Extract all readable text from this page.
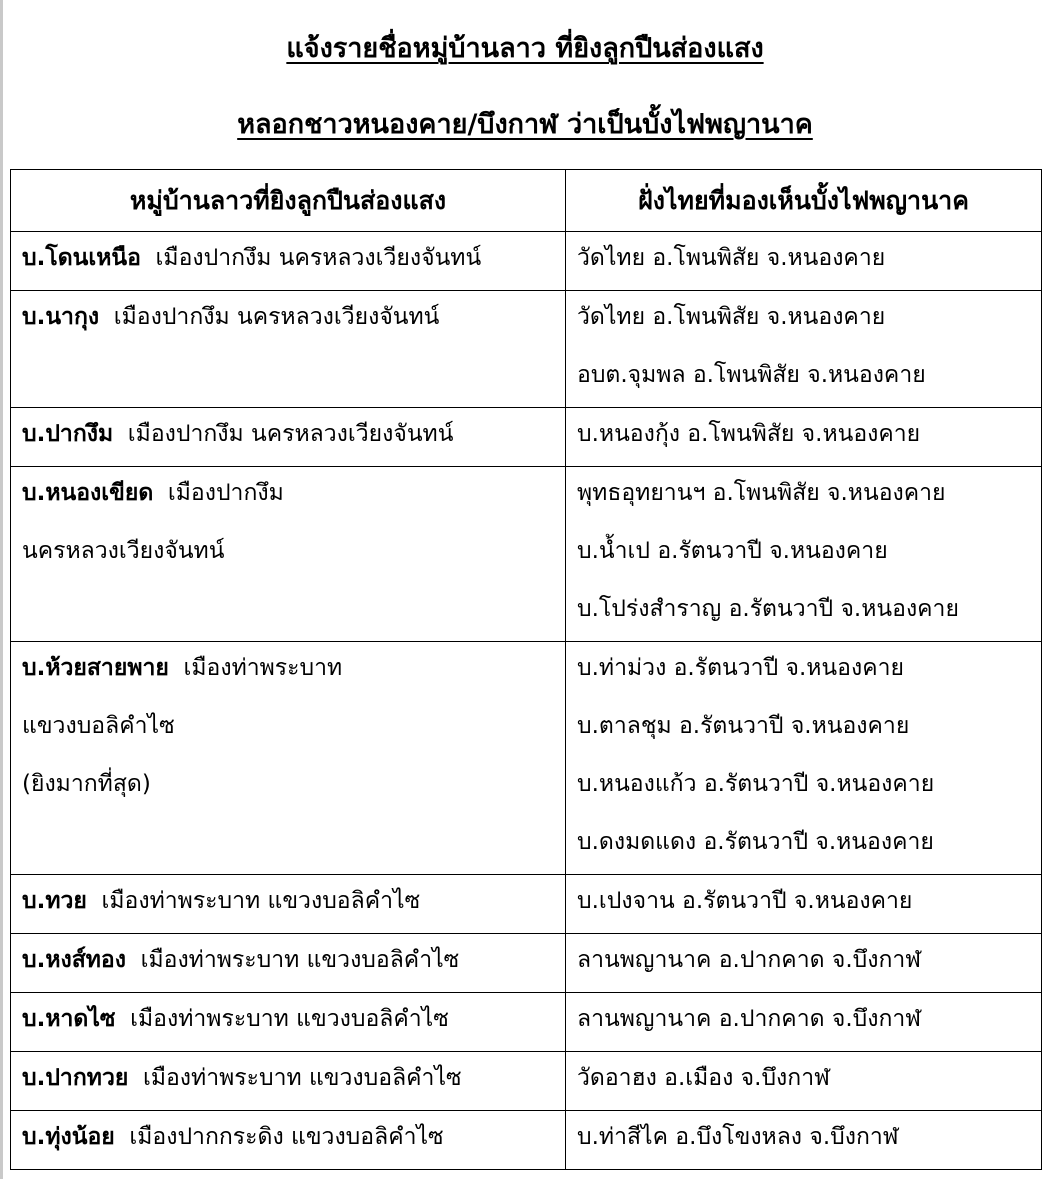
แจ้งรายชื่อหมู่บ้านลาว ที่ยิงลูกปืนส่องแสง
หลอกชาวหนองคาย/บึงกาฬ ว่าเป็นบั้งไฟพญานาค
หมู่บ้านลาวที่ยิงลูกปืนส่องแสง	ฝั่งไทยที่มองเห็นบั้งไฟพญานาค

บ.โดนเหนือ เมืองปากงึม นครหลวงเวียงจันทน์	วัดไทย อ.โพนพิสัย จ.หนองคาย

บ.นากุง เมืองปากงึม นครหลวงเวียงจันทน์	วัดไทย อ.โพนพิสัย จ.หนองคาย
อบต.จุมพล อ.โพนพิสัย จ.หนองคาย

บ.ปากงึม เมืองปากงึม นครหลวงเวียงจันทน์	บ.หนองกุ้ง อ.โพนพิสัย จ.หนองคาย

บ.หนองเขียด เมืองปากงึม
นครหลวงเวียงจันทน์	พุทธอุทยานฯ อ.โพนพิสัย จ.หนองคาย
บ.น้ำเป อ.รัตนวาปี จ.หนองคาย
บ.โปร่งสำราญ อ.รัตนวาปี จ.หนองคาย

บ.ห้วยสายพาย เมืองท่าพระบาท
แขวงบอลิคำไซ
(ยิงมากที่สุด)	บ.ท่าม่วง อ.รัตนวาปี จ.หนองคาย
บ.ตาลชุม อ.รัตนวาปี จ.หนองคาย
บ.หนองแก้ว อ.รัตนวาปี จ.หนองคาย
บ.ดงมดแดง อ.รัตนวาปี จ.หนองคาย

บ.ทวย เมืองท่าพระบาท แขวงบอลิคำไซ	บ.เปงจาน อ.รัตนวาปี จ.หนองคาย

บ.หงส์ทอง เมืองท่าพระบาท แขวงบอลิคำไซ	ลานพญานาค อ.ปากคาด จ.บึงกาฬ

บ.หาดไซ เมืองท่าพระบาท แขวงบอลิคำไซ	ลานพญานาค อ.ปากคาด จ.บึงกาฬ

บ.ปากทวย เมืองท่าพระบาท แขวงบอลิคำไซ	วัดอาฮง อ.เมือง จ.บึงกาฬ

บ.ทุ่งน้อย เมืองปากกระดิง แขวงบอลิคำไซ	บ.ท่าสีไค อ.บึงโขงหลง จ.บึงกาฬ
